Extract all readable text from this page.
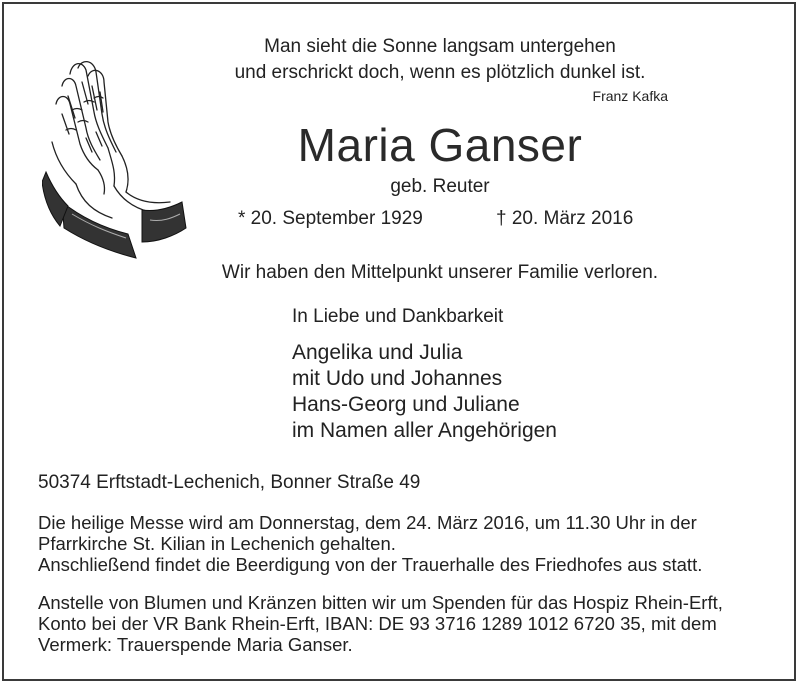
Man sieht die Sonne langsam untergehen
und erschrickt doch, wenn es plötzlich dunkel ist.
Franz Kafka
Maria Ganser
geb. Reuter
* 20. September 1929	† 20. März 2016
Wir haben den Mittelpunkt unserer Familie verloren.
In Liebe und Dankbarkeit
Angelika und Julia
mit Udo und Johannes
Hans-Georg und Juliane
im Namen aller Angehörigen
50374 Erftstadt-Lechenich, Bonner Straße 49
Die heilige Messe wird am Donnerstag, dem 24. März 2016, um 11.30 Uhr in der
Pfarrkirche St. Kilian in Lechenich gehalten.
Anschließend findet die Beerdigung von der Trauerhalle des Friedhofes aus statt.
Anstelle von Blumen und Kränzen bitten wir um Spenden für das Hospiz Rhein-Erft,
Konto bei der VR Bank Rhein-Erft, IBAN: DE 93 3716 1289 1012 6720 35, mit dem
Vermerk: Trauerspende Maria Ganser.
